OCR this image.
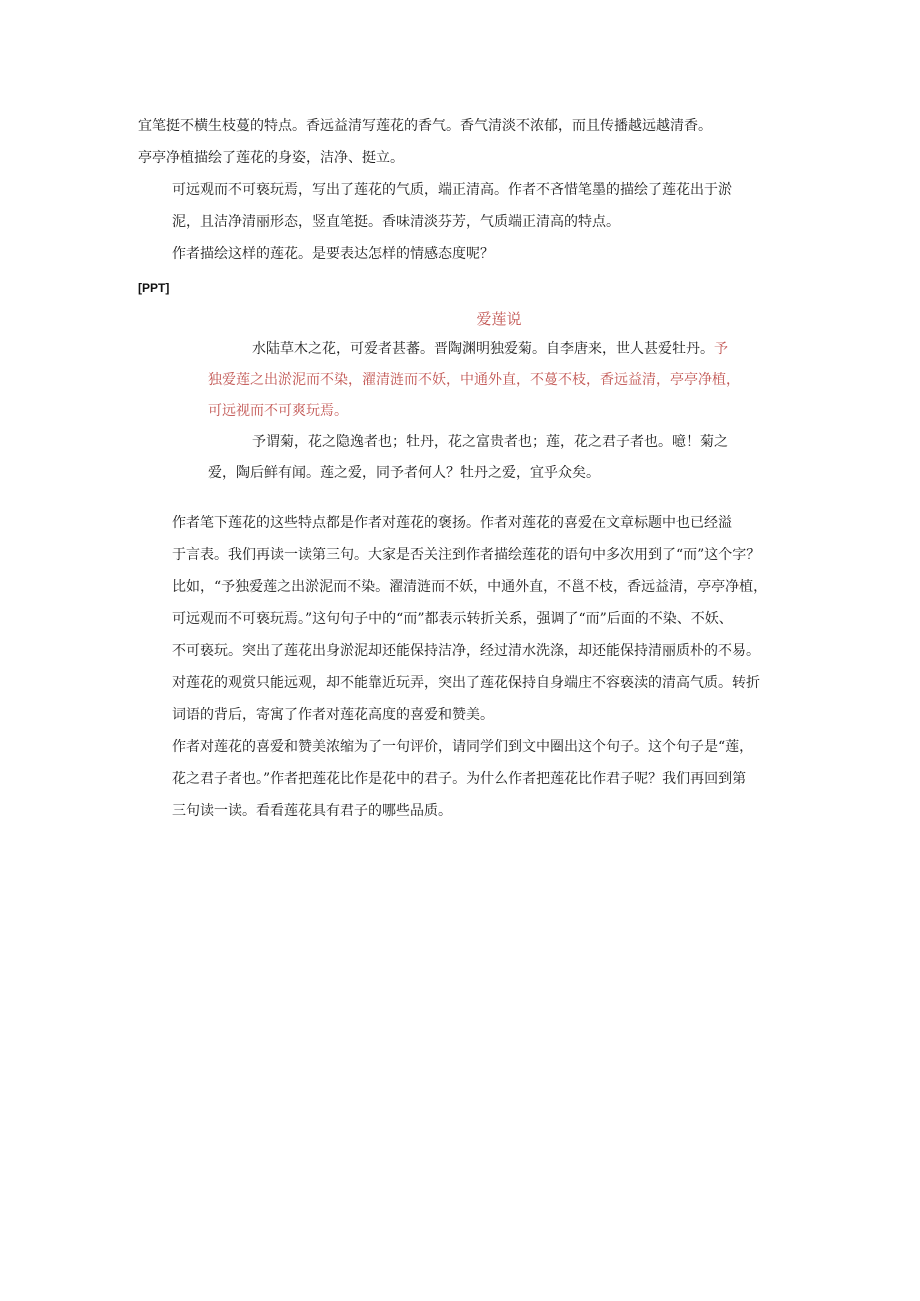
宜笔挺不横生枝蔓的特点。香远益清写莲花的香气。香气清淡不浓郁，而且传播越远越清香。
亭亭净植描绘了莲花的身姿，洁净、挺立。

可远观而不可亵玩焉，写出了莲花的气质，端正清高。作者不吝惜笔墨的描绘了莲花出于淤
泥，且洁净清丽形态，竖直笔挺。香味清淡芬芳，气质端正清高的特点。

作者描绘这样的莲花。是要表达怎样的情感态度呢？

[PPT]

爱莲说

水陆草木之花，可爱者甚蕃。晋陶渊明独爱菊。自李唐来，世人甚爱牡丹。予
独爱莲之出淤泥而不染，濯清涟而不妖，中通外直，不蔓不枝，香远益清，亭亭净植，
可远视而不可爽玩焉。

予谓菊，花之隐逸者也；牡丹，花之富贵者也；莲，花之君子者也。噫！菊之
爱，陶后鲜有闻。莲之爱，同予者何人？牡丹之爱，宜乎众矣。

作者笔下莲花的这些特点都是作者对莲花的褒扬。作者对莲花的喜爱在文章标题中也已经溢
于言表。我们再读一读第三句。大家是否关注到作者描绘莲花的语句中多次用到了“而”这个字？
比如，“予独爱莲之出淤泥而不染。濯清涟而不妖，中通外直，不邕不枝，香远益清，亭亭净植，
可远观而不可亵玩焉。”这句句子中的“而”都表示转折关系，强调了“而”后面的不染、不妖、
不可亵玩。突出了莲花出身淤泥却还能保持洁净，经过清水洗涤，却还能保持清丽质朴的不易。
对莲花的观赏只能远观，却不能靠近玩弄，突出了莲花保持自身端庄不容亵渎的清高气质。转折
词语的背后，寄寓了作者对莲花高度的喜爱和赞美。

作者对莲花的喜爱和赞美浓缩为了一句评价，请同学们到文中圈出这个句子。这个句子是“莲，
花之君子者也。”作者把莲花比作是花中的君子。为什么作者把莲花比作君子呢？我们再回到第
三句读一读。看看莲花具有君子的哪些品质。
